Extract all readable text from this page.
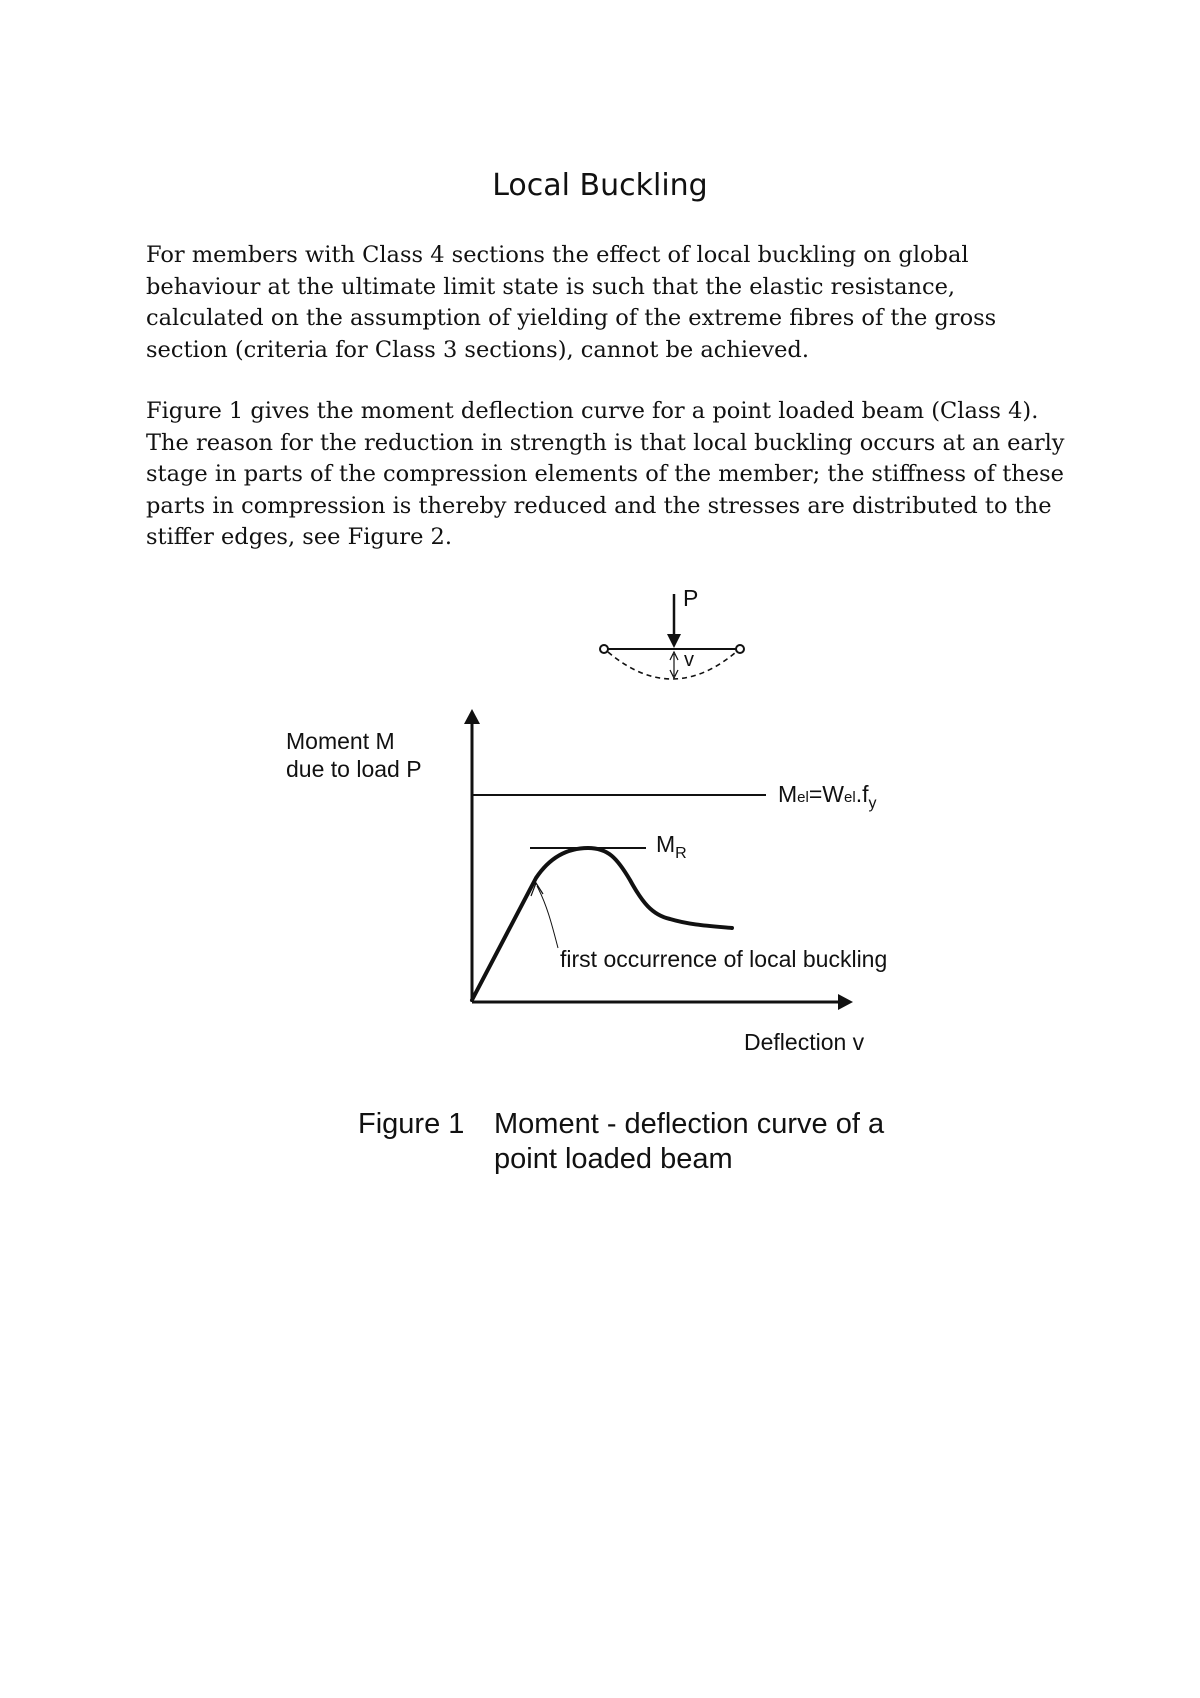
Local Buckling

For members with Class 4 sections the effect of local buckling on global behaviour at the ultimate limit state is such that the elastic resistance, calculated on the assumption of yielding of the extreme fibres of the gross section (criteria for Class 3 sections), cannot be achieved.

Figure 1 gives the moment deflection curve for a point loaded beam (Class 4). The reason for the reduction in strength is that local buckling occurs at an early stage in parts of the compression elements of the member; the stiffness of these parts in compression is thereby reduced and the stresses are distributed to the stiffer edges, see Figure 2.

P
v
Moment M
due to load P
Deflection v
$Mel=Wel.f_y$
$M_R$
first occurrence of local buckling
Figure 1 Moment - deflection curve of a
point loaded beam
